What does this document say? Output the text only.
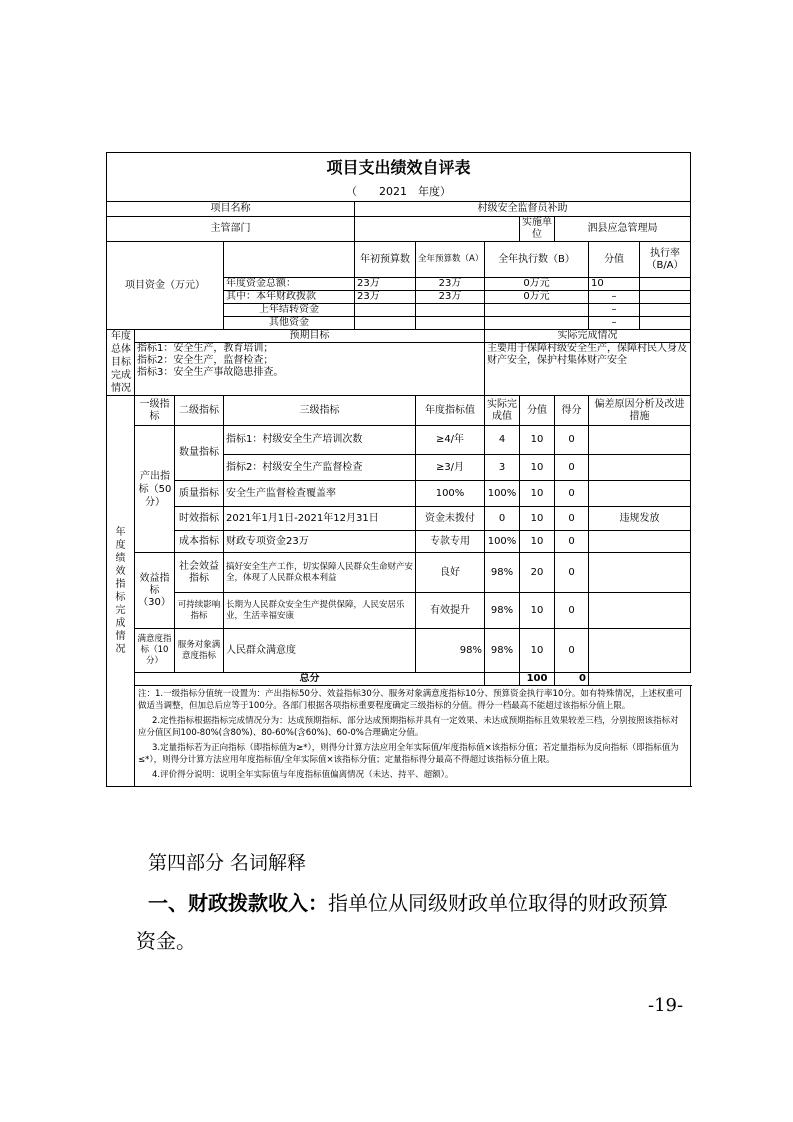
项目支出绩效自评表											
（　　2021　年度）											
项目名称				村级安全监督员补助							
主管部门							实施单位	泗县应急管理局			
项目资金（万元）				年初预算数	全年预算数（A）	全年执行数（B）			分值	执行率（B/A）	
			年度资金总额：	23万	23万	0万元			10		
			其中：本年财政拨款	23万	23万	0万元			–		
			上年结转资金						–		
			其他资金						–		
年度总体目标完成情况	预期目标					实际完成情况					
	指标1：安全生产，教育培训；
指标2：安全生产，监督检查；
指标3：安全生产事故隐患排查。					主要用于保障村级安全生产，保障村民人身及财产安全，保护村集体财产安全					
年度绩效指标完成情况	一级指标	二级指标	三级指标		年度指标值	实际完成值	分值	得分	偏差原因分析及改进措施		
	产出指标（50分）	数量指标	指标1：村级安全生产培训次数		≥4/年	4	10	0			
			指标2：村级安全生产监督检查		≥3/月	3	10	0			
		质量指标	安全生产监督检查覆盖率		100%	100%	10	0			
		时效指标	2021年1月1日-2021年12月31日		资金未拨付	0	10	0	违规发放		
		成本指标	财政专项资金23万		专款专用	100%	10	0			
	效益指标（30）	社会效益指标	搞好安全生产工作，切实保障人民群众生命财产安全，体现了人民群众根本利益		良好	98%	20	0			
		可持续影响指标	长期为人民群众安全生产提供保障，人民安居乐业，生活幸福安康		有效提升	98%	10	0			
	满意度指标（10分）	服务对象满意度指标	人民群众满意度		98%	98%	10	0			
	总分						100	0			

	注：1.一级指标分值统一设置为：产出指标50分、效益指标30分、服务对象满意度指标10分、预算资金执行率10分。如有特殊情况，上述权重可做适当调整，但加总后应等于100分。各部门根据各项指标重要程度确定三级指标的分值。得分一档最高不能超过该指标分值上限。

2.定性指标根据指标完成情况分为：达成预期指标、部分达成预期指标并具有一定效果、未达成预期指标且效果较差三档，分别按照该指标对应分值区间100-80%(含80%)、80-60%(含60%)、60-0%合理确定分值。

3.定量指标若为正向指标（即指标值为≥*），则得分计算方法应用全年实际值/年度指标值×该指标分值；若定量指标为反向指标（即指标值为≤*），则得分计算方法应用年度指标值/全年实际值×该指标分值；定量指标得分最高不得超过该指标分值上限。

4.评价得分说明：说明全年实际值与年度指标值偏离情况（未达、持平、超额）。										

第四部分 名词解释
一、财政拨款收入：指单位从同级财政单位取得的财政预算
资金。
-19-
